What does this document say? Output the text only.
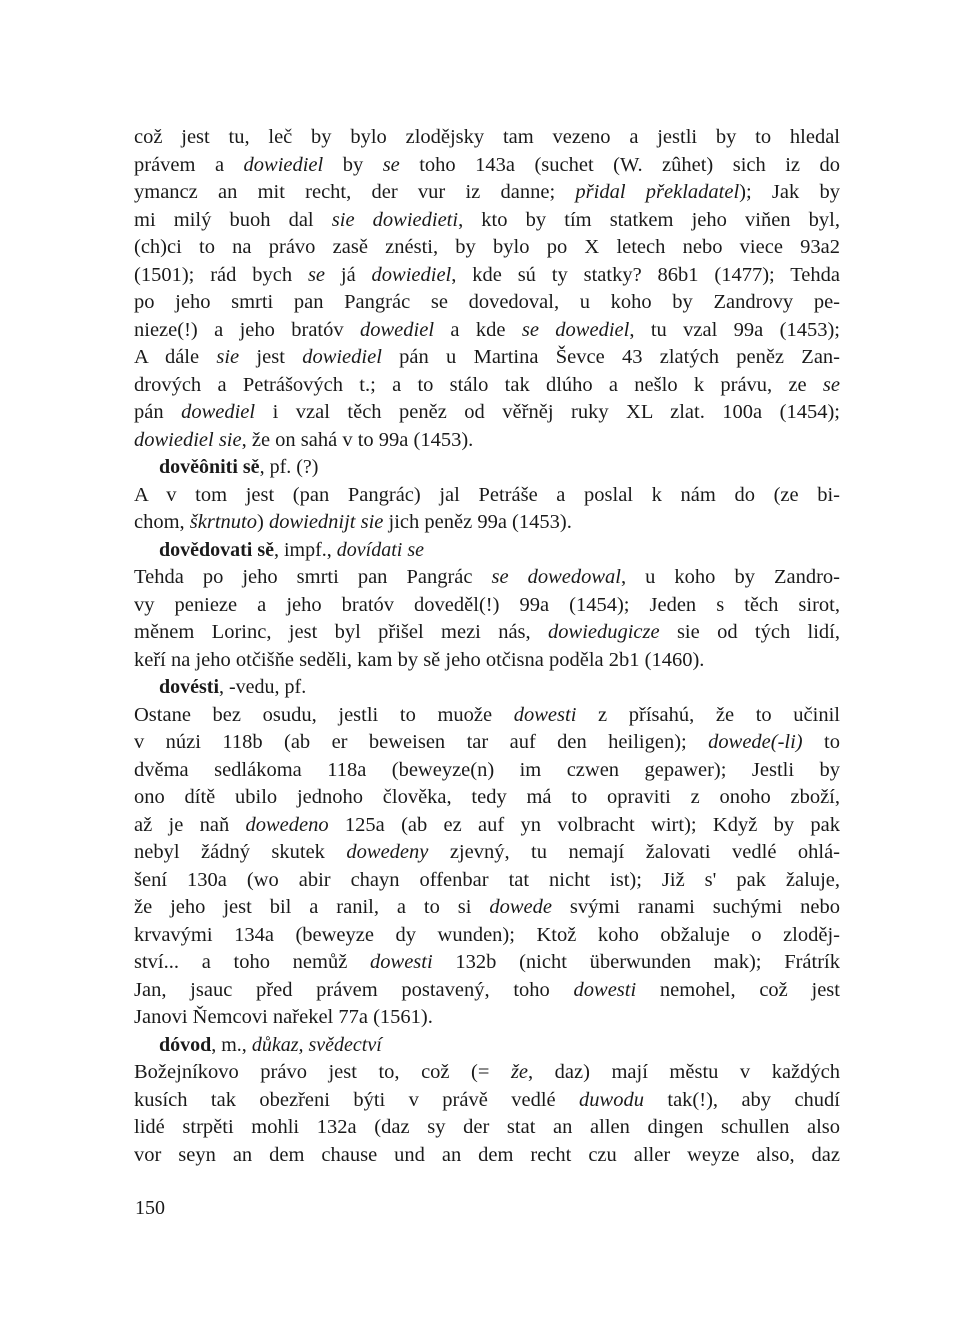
což jest tu, leč by bylo zlodějsky tam vezeno a jestli by to hledal
právem a dowiediel by se toho 143a (suchet (W. zûhet) sich iz do
ymancz an mit recht, der vur iz danne; přidal překladatel); Jak by
mi milý buoh dal sie dowiedieti, kto by tím statkem jeho viňen byl,
(ch)ci to na právo zasě znésti, by bylo po X letech nebo viece 93a2
(1501); rád bych se já dowiediel, kde sú ty statky? 86b1 (1477); Tehda
po jeho smrti pan Pangrác se dovedoval, u koho by Zandrovy pe-
nieze(!) a jeho bratóv dowediel a kde se dowediel, tu vzal 99a (1453);
A dále sie jest dowiediel pán u Martina Ševce 43 zlatých peněz Zan-
drových a Petrášových t.; a to stálo tak dlúho a nešlo k právu, ze se
pán dowediel i vzal těch peněz od věřněj ruky XL zlat. 100a (1454);
dowiediel sie, že on sahá v to 99a (1453).
dověôniti sě, pf. (?)
A v tom jest (pan Pangrác) jal Petráše a poslal k nám do (ze bi-
chom, škrtnuto) dowiednijt sie jich peněz 99a (1453).
dovědovati sě, impf., dovídati se
Tehda po jeho smrti pan Pangrác se dowedowal, u koho by Zandro-
vy penieze a jeho bratóv doveděl(!) 99a (1454); Jeden s těch sirot,
měnem Lorinc, jest byl přišel mezi nás, dowiedugicze sie od tých lidí,
keří na jeho otčišňe seděli, kam by sě jeho otčisna poděla 2b1 (1460).
dovésti, -vedu, pf.
Ostane bez osudu, jestli to muože dowesti z přísahú, že to učinil
v núzi 118b (ab er beweisen tar auf den heiligen); dowede(-li) to
dvěma sedlákoma 118a (beweyze(n) im czwen gepawer); Jestli by
ono dítě ubilo jednoho člověka, tedy má to opraviti z onoho zboží,
až je naň dowedeno 125a (ab ez auf yn volbracht wirt); Když by pak
nebyl žádný skutek dowedeny zjevný, tu nemají žalovati vedlé ohlá-
šení 130a (wo abir chayn offenbar tat nicht ist); Již s' pak žaluje,
že jeho jest bil a ranil, a to si dowede svými ranami suchými nebo
krvavými 134a (beweyze dy wunden); Ktož koho obžaluje o zloděj-
ství... a toho nemůž dowesti 132b (nicht überwunden mak); Frátrík
Jan, jsauc před právem postavený, toho dowesti nemohel, což jest
Janovi Ňemcovi nařekel 77a (1561).
dóvod, m., důkaz, svědectví
Božejníkovo právo jest to, což (= že, daz) mají městu v každých
kusích tak obezřeni býti v právě vedlé duwodu tak(!), aby chudí
lidé strpěti mohli 132a (daz sy der stat an allen dingen schullen also
vor seyn an dem chause und an dem recht czu aller weyze also, daz
150
